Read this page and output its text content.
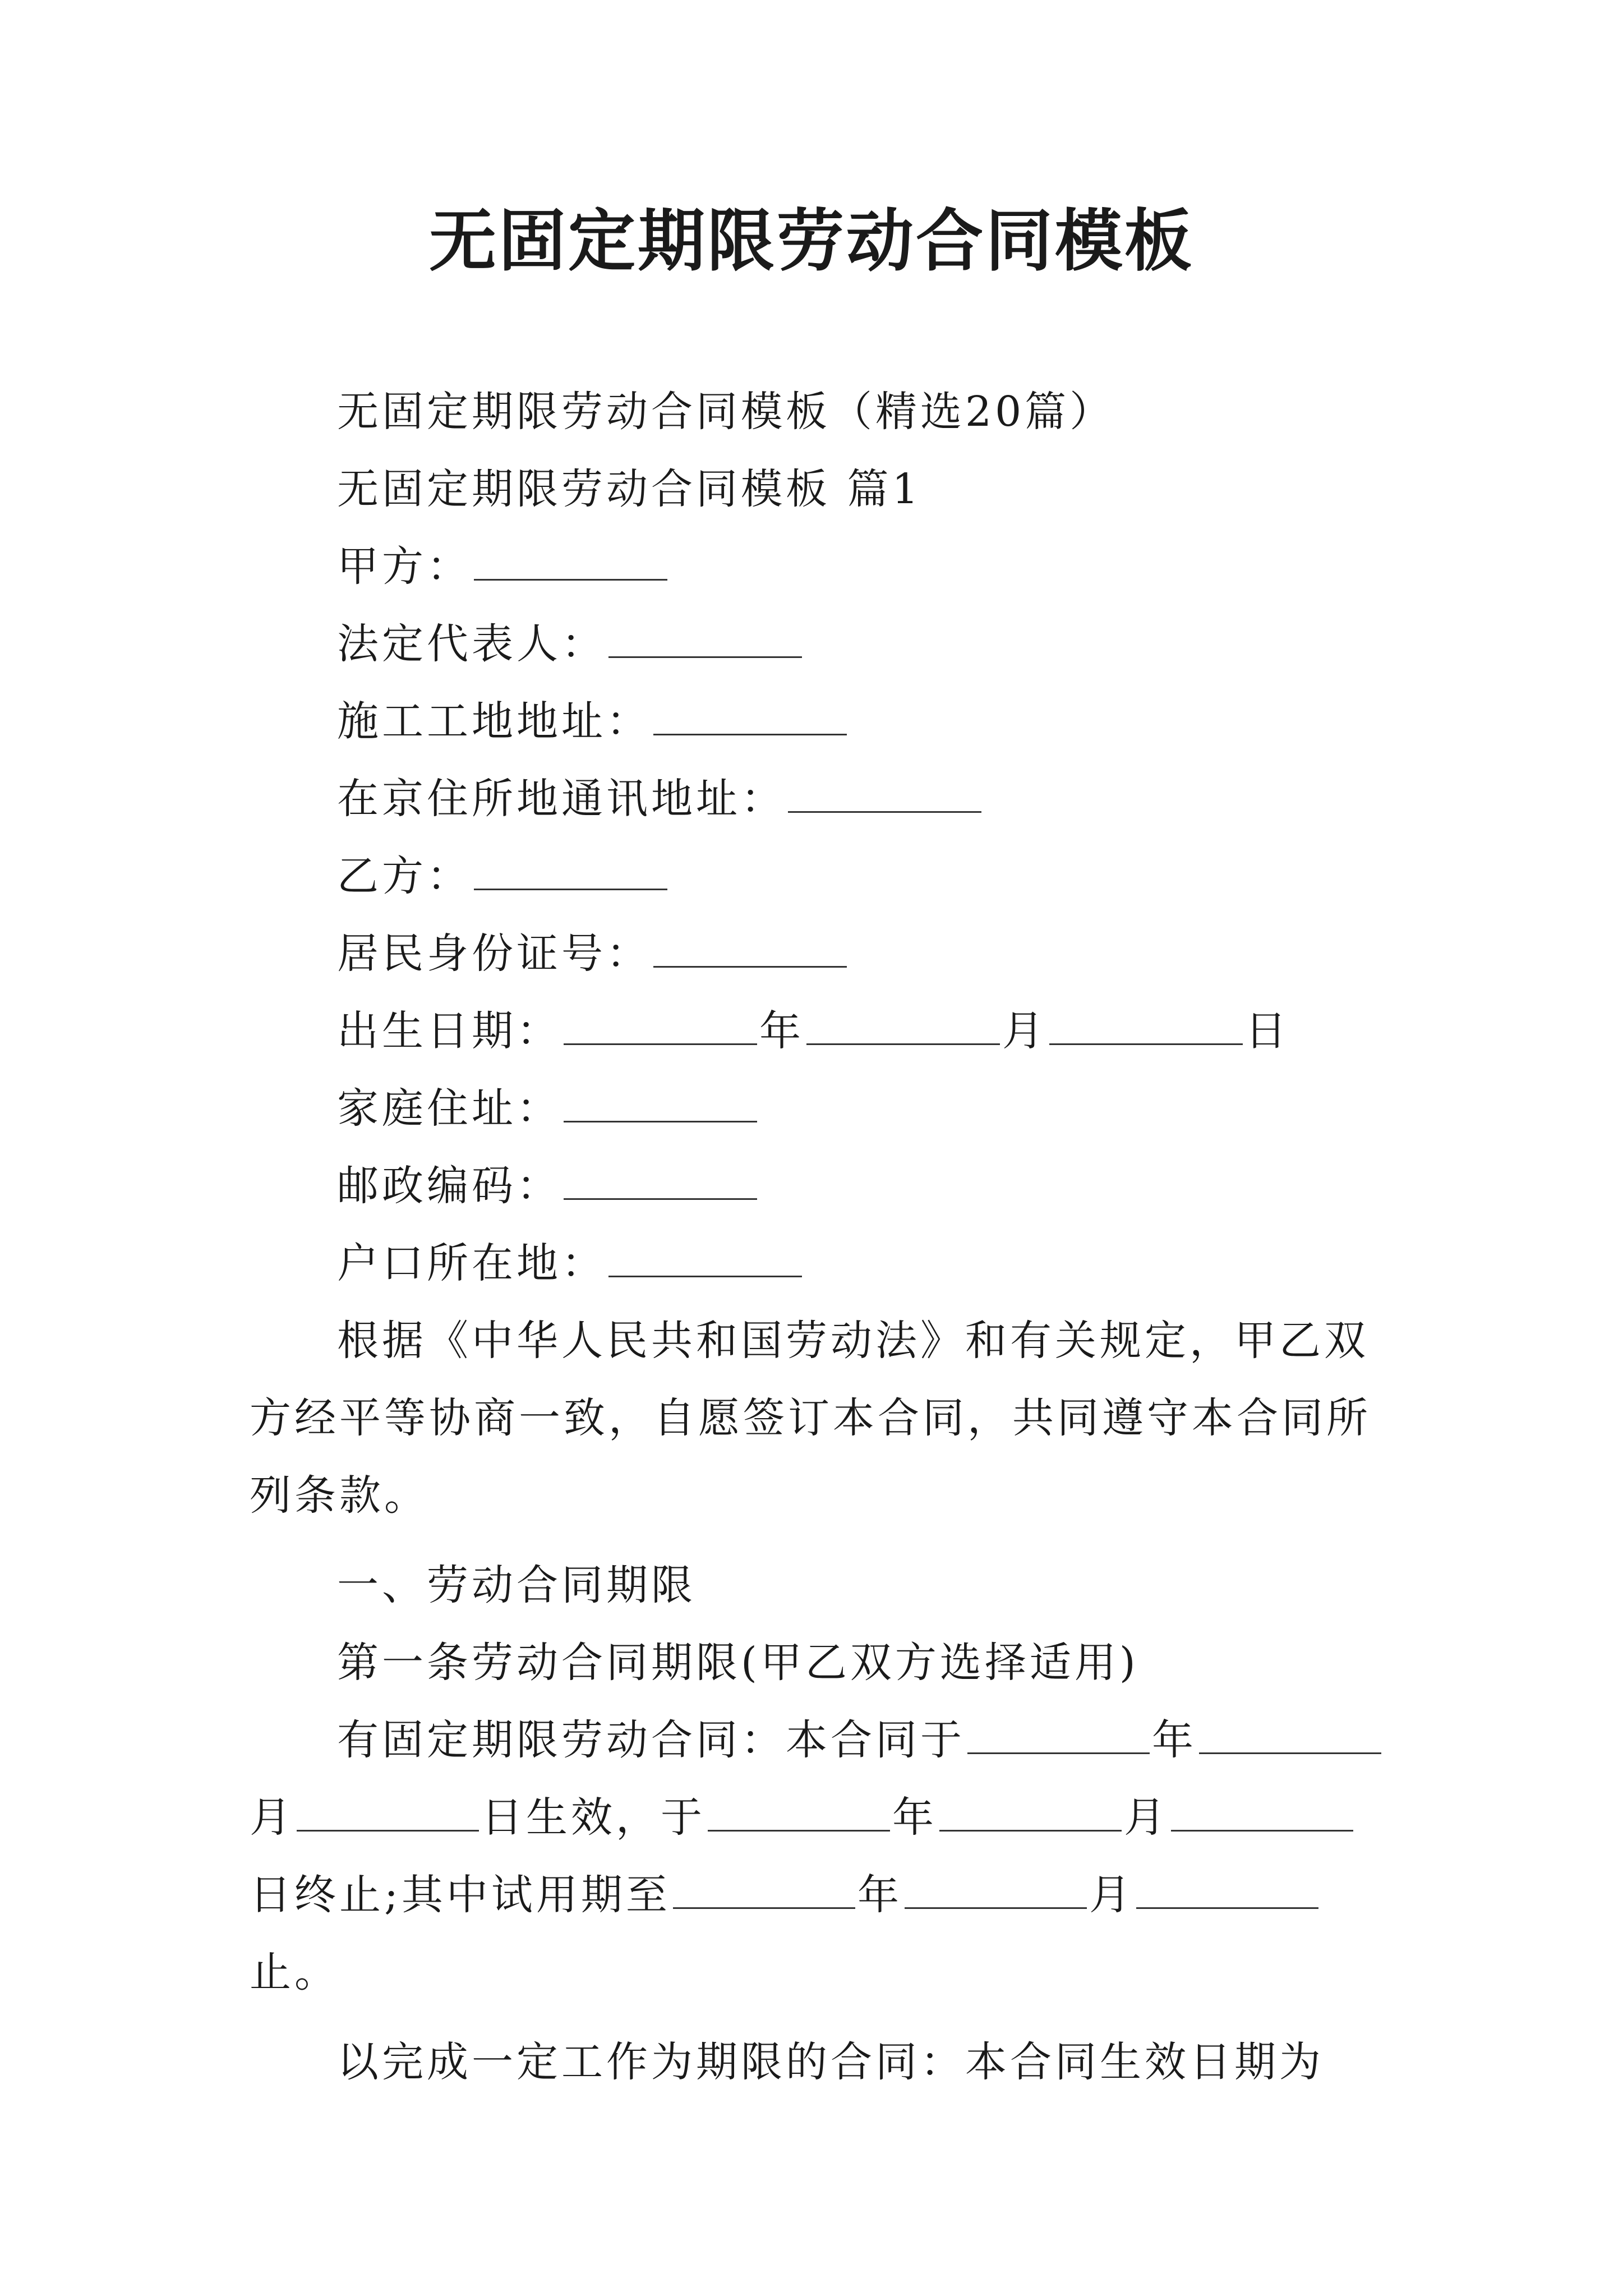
无固定期限劳动合同模板

无固定期限劳动合同模板（精选20篇）

无固定期限劳动合同模板 篇1

甲方：

法定代表人：

施工工地地址：

在京住所地通讯地址：

乙方：

居民身份证号：

出生日期：	年	月	日

家庭住址：

邮政编码：

户口所在地：

根据《中华人民共和国劳动法》和有关规定，甲乙双方经平等协商一致，自愿签订本合同，共同遵守本合同所列条款。

一、劳动合同期限

第一条劳动合同期限(甲乙双方选择适用)

有固定期限劳动合同：本合同于	年月	日生效，于	年	月日终止;其中试用期至	年	月止。

以完成一定工作为期限的合同：本合同生效日期为
